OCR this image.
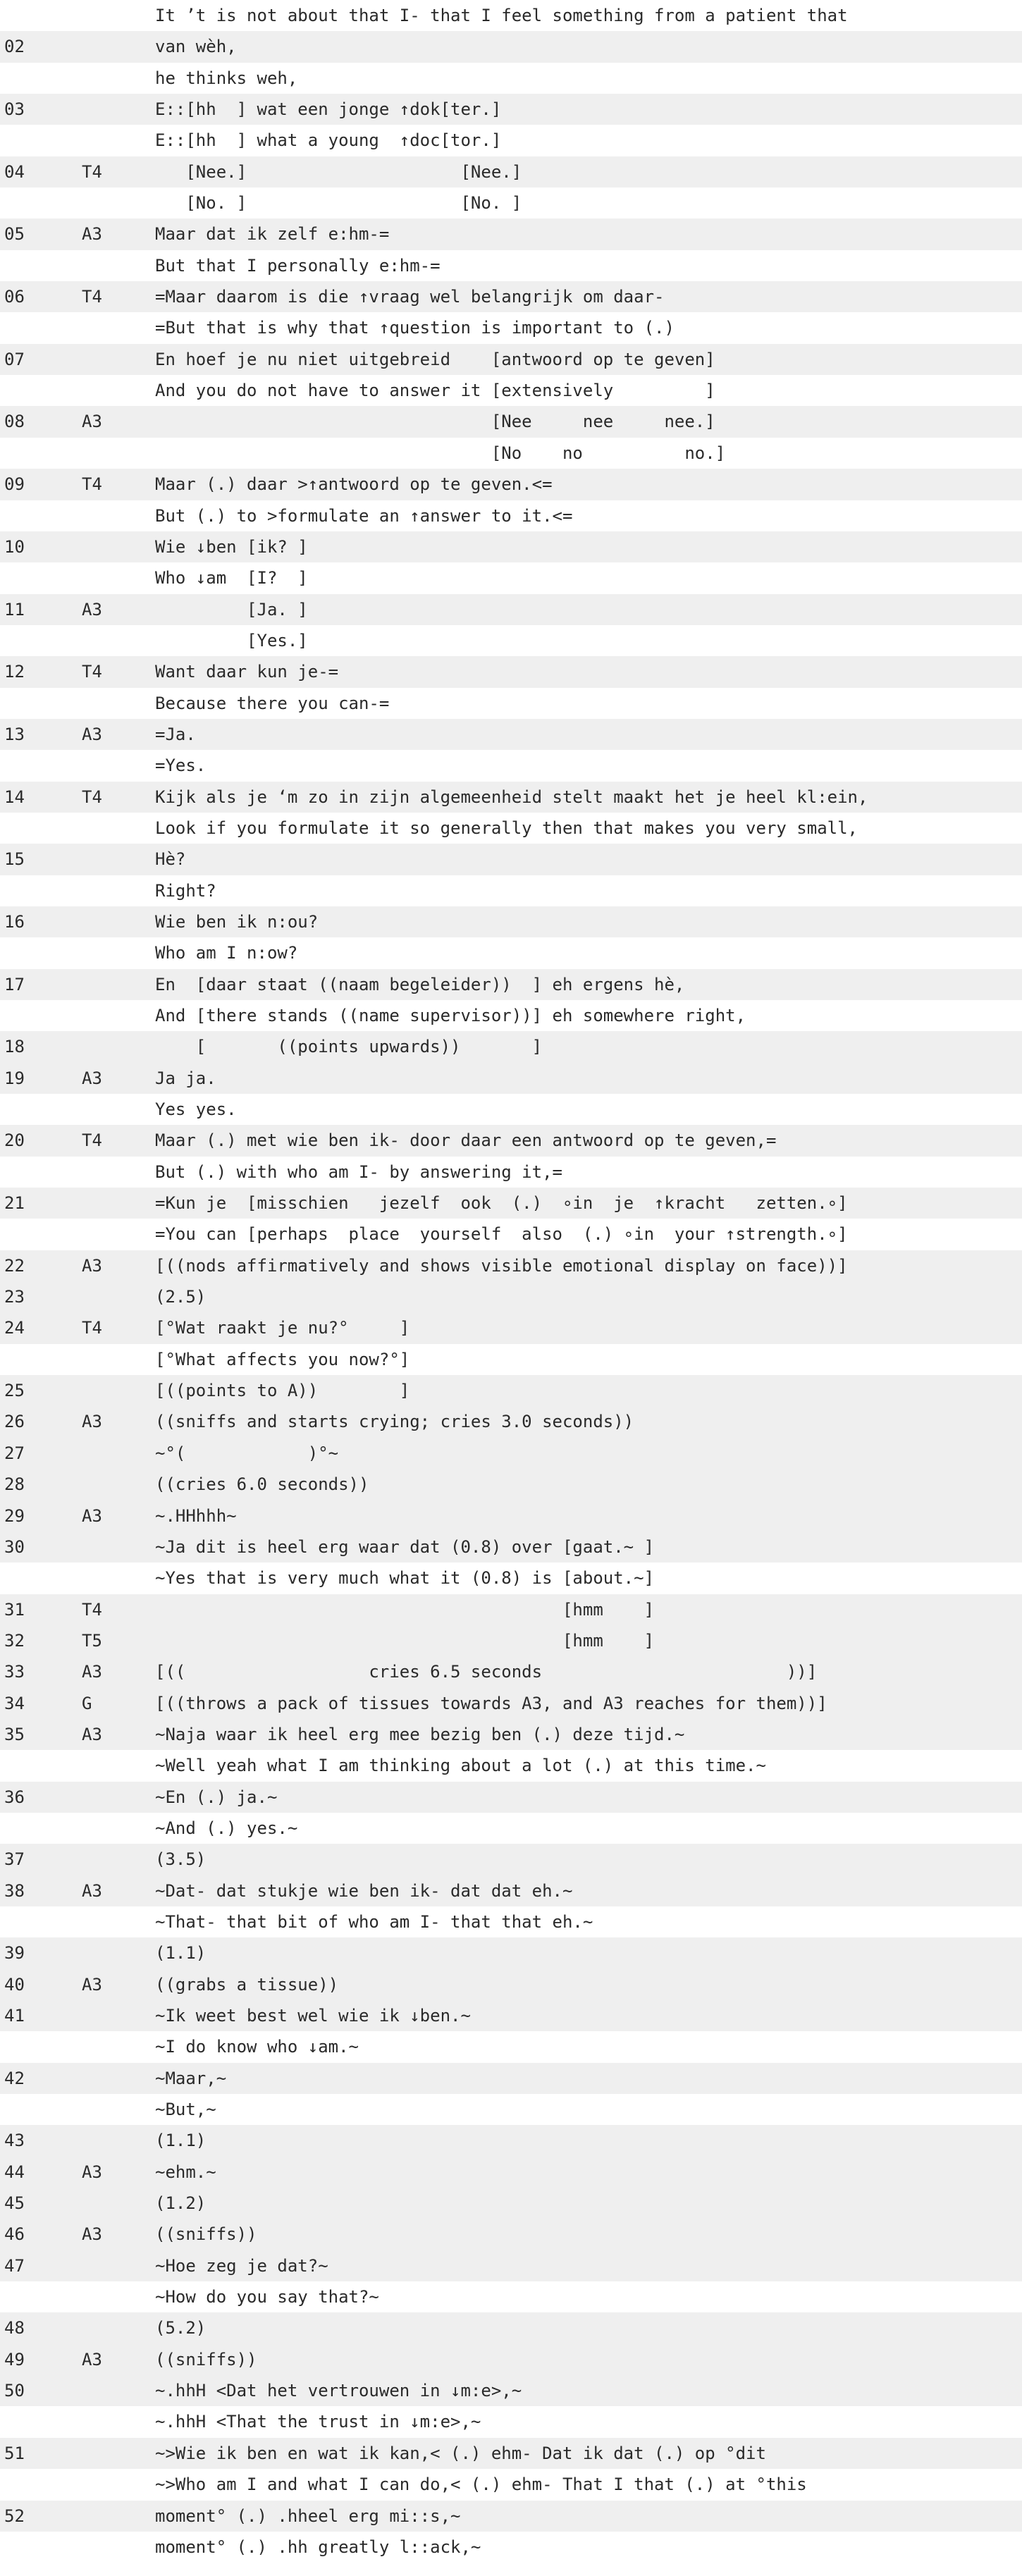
It ’t is not about that I- that I feel something from a patient that
02	van wèh,
he thinks weh,
03	E::[hh  ] wat een jonge ↑dok[ter.]
E::[hh  ] what a young  ↑doc[tor.]
04	T4	[Nee.]                     [Nee.]
[No. ]                     [No. ]
05	A3	Maar dat ik zelf e:hm-=
But that I personally e:hm-=
06	T4	=Maar daarom is die ↑vraag wel belangrijk om daar-
=But that is why that ↑question is important to (.)
07	En hoef je nu niet uitgebreid    [antwoord op te geven]
And you do not have to answer it [extensively         ]
08	A3	[Nee     nee     nee.]
[No    no          no.]
09	T4	Maar (.) daar >↑antwoord op te geven.<=
But (.) to >formulate an ↑answer to it.<=
10	Wie ↓ben [ik? ]
Who ↓am  [I?  ]
11	A3	[Ja. ]
[Yes.]
12	T4	Want daar kun je-=
Because there you can-=
13	A3	=Ja.
=Yes.
14	T4	Kijk als je ‘m zo in zijn algemeenheid stelt maakt het je heel kl:ein,
Look if you formulate it so generally then that makes you very small,
15	Hè?
Right?
16	Wie ben ik n:ou?
Who am I n:ow?
17	En  [daar staat ((naam begeleider))  ] eh ergens hè,
And [there stands ((name supervisor))] eh somewhere right,
18	[       ((points upwards))       ]
19	A3	Ja ja.
Yes yes.
20	T4	Maar (.) met wie ben ik- door daar een antwoord op te geven,=
But (.) with who am I- by answering it,=
21	=Kun je  [misschien   jezelf  ook  (.)  ∘in  je  ↑kracht   zetten.∘]
=You can [perhaps  place  yourself  also  (.) ∘in  your ↑strength.∘]
22	A3	[((nods affirmatively and shows visible emotional display on face))]
23	(2.5)
24	T4	[°Wat raakt je nu?°     ]
[°What affects you now?°]
25	[((points to A))        ]
26	A3	((sniffs and starts crying; cries 3.0 seconds))
27	~°(            )°~
28	((cries 6.0 seconds))
29	A3	~.HHhhh~
30	~Ja dit is heel erg waar dat (0.8) over [gaat.~ ]
~Yes that is very much what it (0.8) is [about.~]
31	T4	[hmm    ]
32	T5	[hmm    ]
33	A3	[((                  cries 6.5 seconds                        ))]
34	G	[((throws a pack of tissues towards A3, and A3 reaches for them))]
35	A3	~Naja waar ik heel erg mee bezig ben (.) deze tijd.~
~Well yeah what I am thinking about a lot (.) at this time.~
36	~En (.) ja.~
~And (.) yes.~
37	(3.5)
38	A3	~Dat- dat stukje wie ben ik- dat dat eh.~
~That- that bit of who am I- that that eh.~
39	(1.1)
40	A3	((grabs a tissue))
41	~Ik weet best wel wie ik ↓ben.~
~I do know who ↓am.~
42	~Maar,~
~But,~
43	(1.1)
44	A3	~ehm.~
45	(1.2)
46	A3	((sniffs))
47	~Hoe zeg je dat?~
~How do you say that?~
48	(5.2)
49	A3	((sniffs))
50	~.hhH <Dat het vertrouwen in ↓m:e>,~
~.hhH <That the trust in ↓m:e>,~
51	~>Wie ik ben en wat ik kan,< (.) ehm- Dat ik dat (.) op °dit
~>Who am I and what I can do,< (.) ehm- That I that (.) at °this
52	moment° (.) .hheel erg mi::s,~
moment° (.) .hh greatly l::ack,~
